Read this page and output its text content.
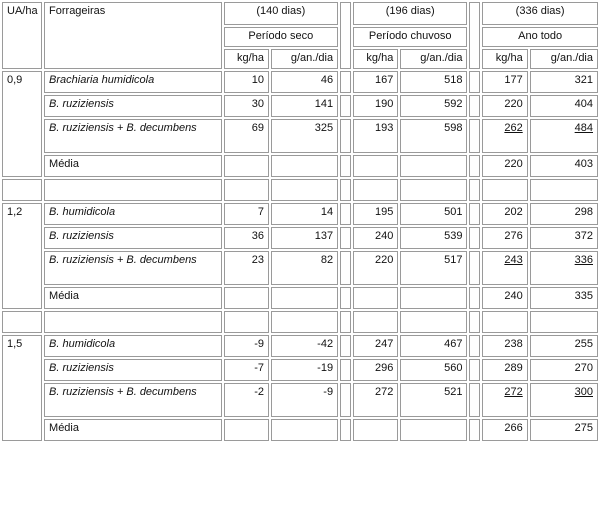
UA/ha	Forrageiras	(140 dias)			(196 dias)			(336 dias)	
		Período seco			Período chuvoso			Ano todo	
		kg/ha	g/an./dia		kg/ha	g/an./dia		kg/ha	g/an./dia
0,9	Brachiaria humidicola	10	46		167	518		177	321
	B. ruziziensis	30	141		190	592		220	404
	B. ruziziensis + B. decumbens	69	325		193	598		262	484
	Média							220	403

1,2	B. humidicola	7	14		195	501		202	298
	B. ruziziensis	36	137		240	539		276	372
	B. ruziziensis + B. decumbens	23	82		220	517		243	336
	Média							240	335

1,5	B. humidicola	-9	-42		247	467		238	255
	B. ruziziensis	-7	-19		296	560		289	270
	B. ruziziensis + B. decumbens	-2	-9		272	521		272	300
	Média							266	275
